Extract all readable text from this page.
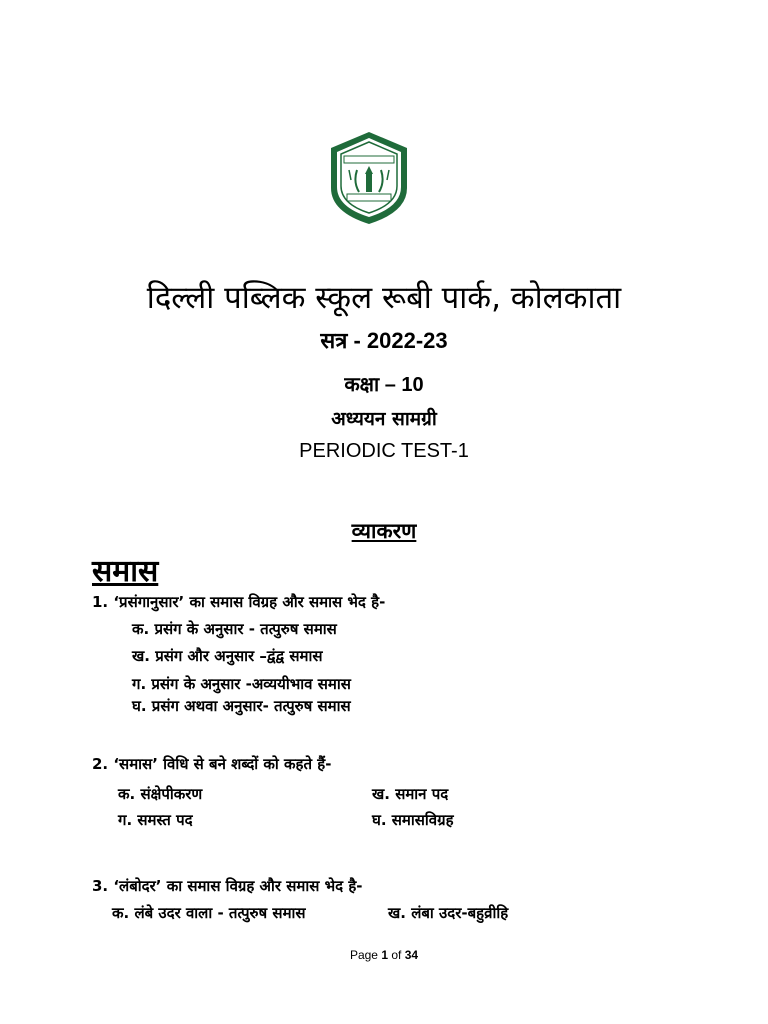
दिल्ली पब्लिक स्कूल रूबी पार्क, कोलकाता
सत्र - 2022-23
कक्षा – 10
अध्ययन सामग्री
PERIODIC TEST-1
व्याकरण
समास
1. ‘प्रसंगानुसार’ का समास विग्रह और समास भेद है-
क. प्रसंग के अनुसार - तत्पुरुष समास
ख. प्रसंग और अनुसार –द्वंद्व समास
ग. प्रसंग के अनुसार -अव्ययीभाव समास
घ. प्रसंग अथवा अनुसार- तत्पुरुष समास
2. ‘समास’ विधि से बने शब्दों को कहते हैं-
क. संक्षेपीकरण	ख. समान पद
ग. समस्त पद	घ. समासविग्रह
3. ‘लंबोदर’ का समास विग्रह और समास भेद है-
क. लंबे उदर वाला - तत्पुरुष समास	ख. लंबा उदर-बहुव्रीहि
Page 1 of 34
